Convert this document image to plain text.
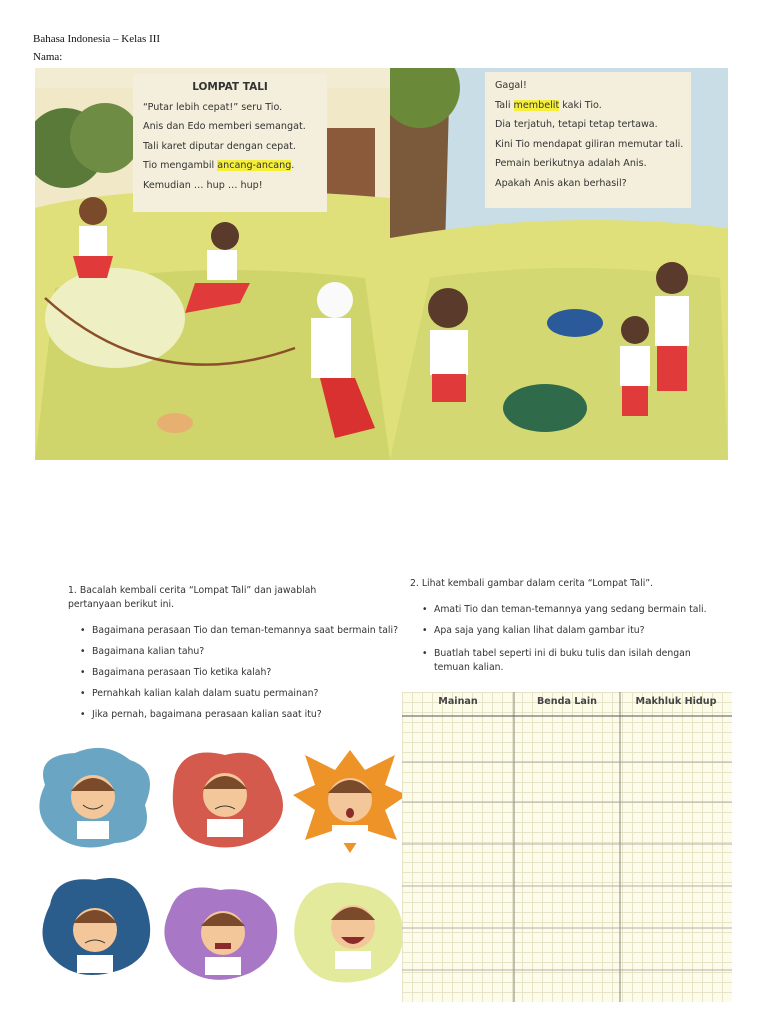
Bahasa Indonesia – Kelas III
Nama:

LOMPAT TALI

“Putar lebih cepat!” seru Tio.

Anis dan Edo memberi semangat.

Tali karet diputar dengan cepat.

Tio mengambil ancang-ancang.

Kemudian … hup … hup!

Gagal!

Tali membelit kaki Tio.

Dia terjatuh, tetapi tetap tertawa.

Kini Tio mendapat giliran memutar tali.

Pemain berikutnya adalah Anis.

Apakah Anis akan berhasil?

1. Bacalah kembali cerita “Lompat Tali” dan jawablah pertanyaan berikut ini.
• Bagaimana perasaan Tio dan teman-temannya saat bermain tali?
• Bagaimana kalian tahu?
• Bagaimana perasaan Tio ketika kalah?
• Pernahkah kalian kalah dalam suatu permainan?
• Jika pernah, bagaimana perasaan kalian saat itu?
2. Lihat kembali gambar dalam cerita “Lompat Tali”.
• Amati Tio dan teman-temannya yang sedang bermain tali.
• Apa saja yang kalian lihat dalam gambar itu?
• Buatlah tabel seperti ini di buku tulis dan isilah dengan temuan kalian.
Mainan	Benda Lain	Makhluk Hidup
